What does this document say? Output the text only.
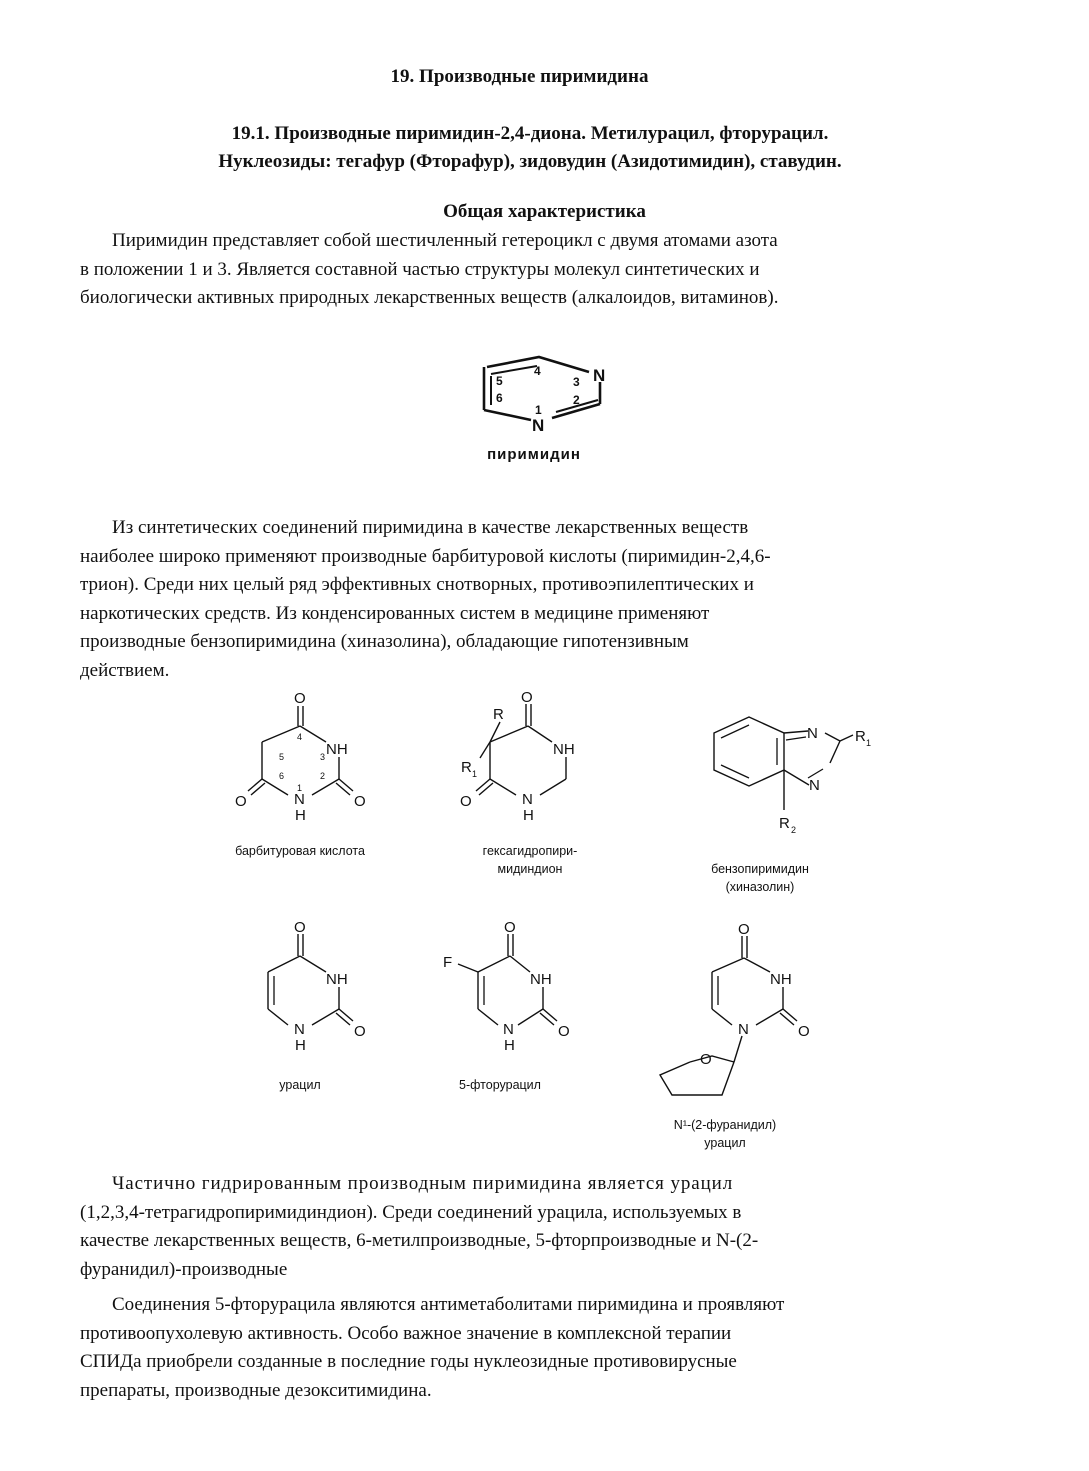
19. Производные пиримидина
19.1. Производные пиримидин-2,4-диона. Метилурацил, фторурацил.
Нуклеозиды: тегафур (Фторафур), зидовудин (Азидотимидин), ставудин.
Общая характеристика
Пиримидин представляет собой шестичленный гетероцикл с двумя атомами азота
в положении 1 и 3. Является составной частью структуры молекул синтетических и
биологически активных природных лекарственных веществ (алкалоидов, витаминов).
N
N
1
2
3
4
5
6
пиримидин
Из синтетических соединений пиримидина в качестве лекарственных веществ
наиболее широко применяют производные барбитуровой кислоты (пиримидин-2,4,6-
трион). Среди них целый ряд эффективных снотворных, противоэпилептических и
наркотических средств. Из конденсированных систем в медицине применяют
производные бензопиримидина (хиназолина), обладающие гипотензивным
действием.
O
NH
N
H
O
O
1
2
3
4
5
6
барбитуровая кислота
O
R
R 1
NH
N
H
O
гексагидропири-
мидиндион
N
N
R 1
R 2
бензопиримидин
(хиназолин)
O
NH
N
H
O
урацил
O
F
NH
N
H
O
5-фторурацил
O
NH
N	O
O
N¹-(2-фуранидил)
урацил
Частично гидрированным производным пиримидина является урацил
(1,2,3,4-тетрагидропиримидиндион). Среди соединений урацила, используемых в
качестве лекарственных веществ, 6-метилпроизводные, 5-фторпроизводные и N-(2-
фуранидил)-производные
Соединения 5-фторурацила являются антиметаболитами пиримидина и проявляют
противоопухолевую активность. Особо важное значение в комплексной терапии
СПИДа приобрели созданные в последние годы нуклеозидные противовирусные
препараты, производные дезокситимидина.
